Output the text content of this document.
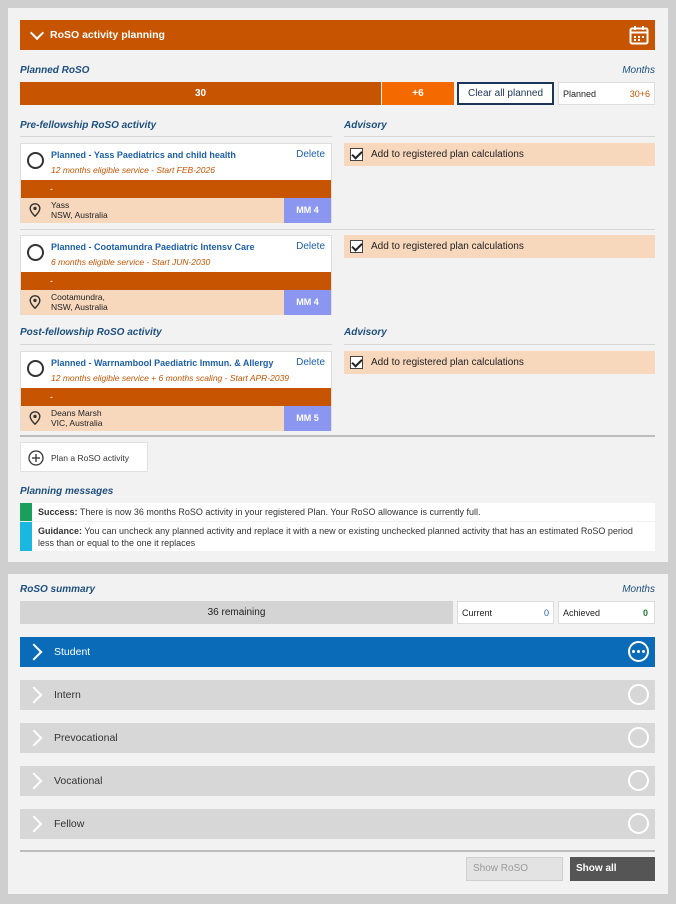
RoSO activity planning
Planned RoSO	Months
30	+6	Clear all planned	Planned	30+6
Pre-fellowship RoSO activity	Advisory
Planned - Yass Paediatrics and child health	Delete
12 months eligible service - Start FEB-2026
-
Yass
NSW, Australia	MM 4
Add to registered plan calculations
Planned - Cootamundra Paediatric Intensv Care	Delete
6 months eligible service - Start JUN-2030
-
Cootamundra,
NSW, Australia	MM 4
Add to registered plan calculations
Post-fellowship RoSO activity	Advisory
Planned - Warrnambool Paediatric Immun. & Allergy Delete
12 months eligible service + 6 months scaling - Start APR-2039
-
Deans Marsh
VIC, Australia	MM 5
Add to registered plan calculations
Plan a RoSO activity
Planning messages
Success: There is now 36 months RoSO activity in your registered Plan. Your RoSO allowance is currently full.
Guidance: You can uncheck any planned activity and replace it with a new or existing unchecked planned activity that has an estimated RoSO period less than or equal to the one it replaces
RoSO summary	Months
36 remaining	Current	0 Achieved	0
Student
Intern
Prevocational
Vocational
Fellow
Show RoSO	Show all
